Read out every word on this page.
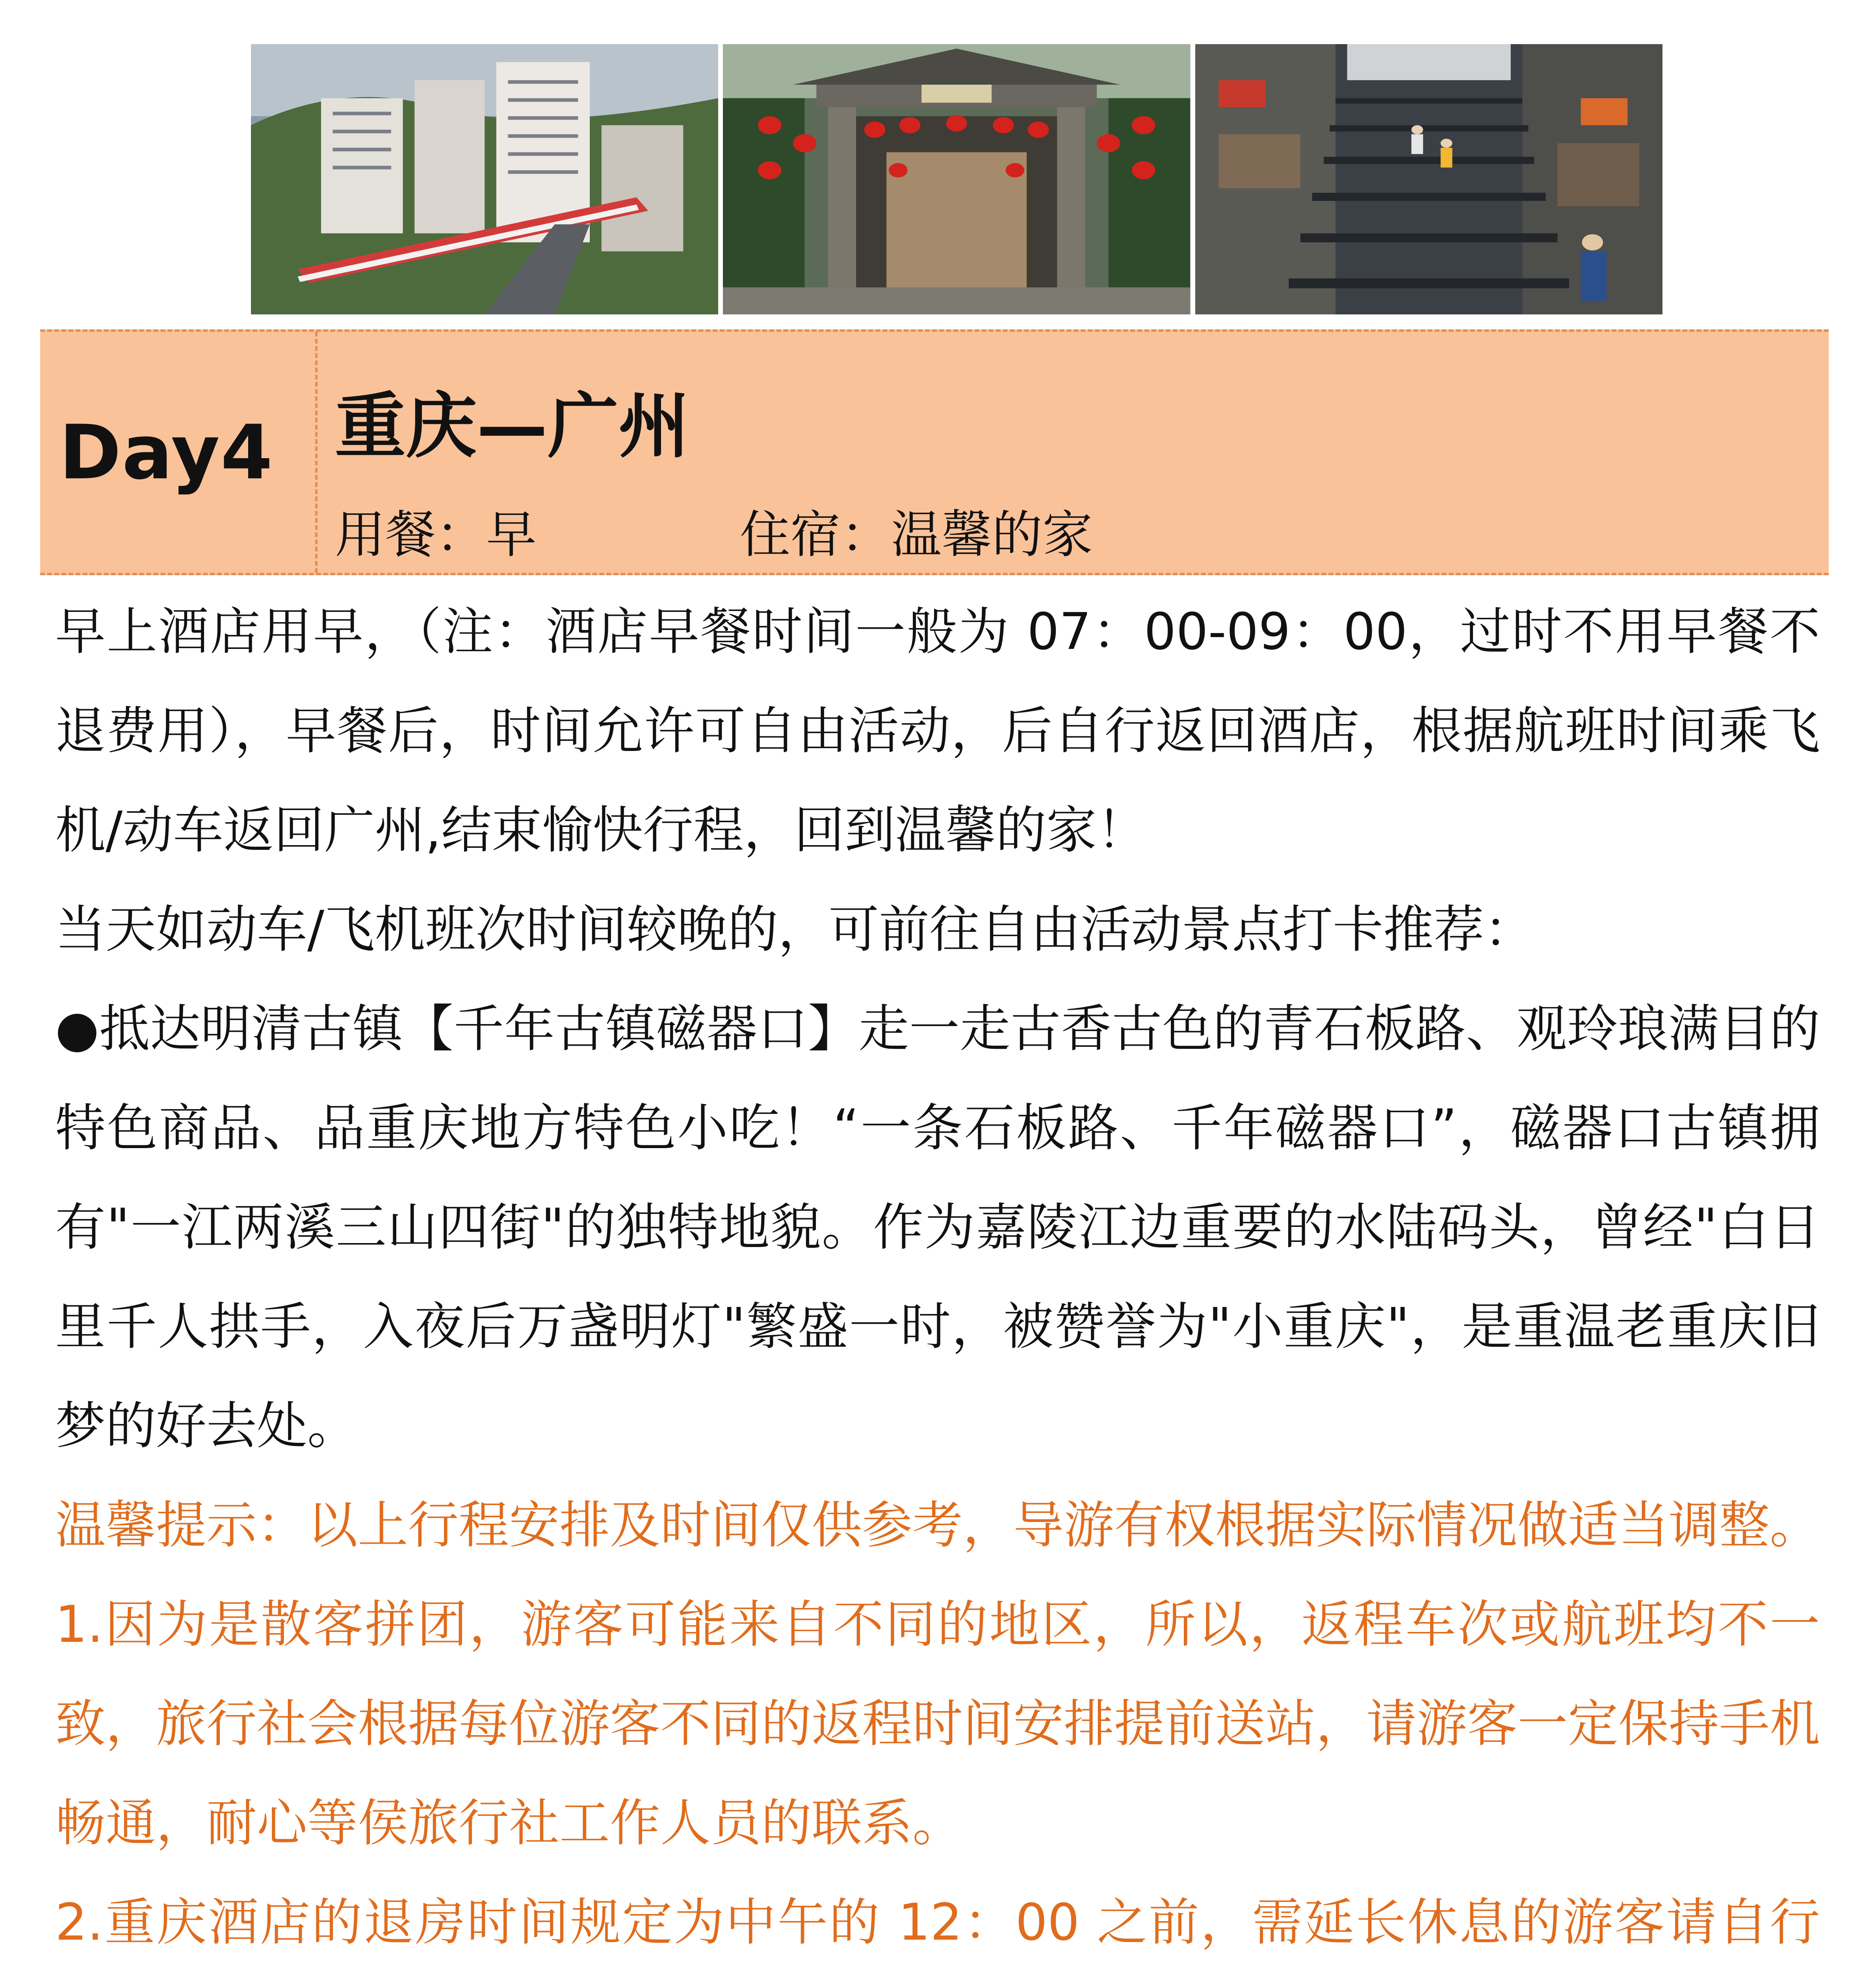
Day4 重庆—广州
用餐：早	住宿：温馨的家

早上酒店用早，（注：酒店早餐时间一般为 07：00-09：00，过时不用早餐不退费用），早餐后，时间允许可自由活动，后自行返回酒店，根据航班时间乘飞机/动车返回广州,结束愉快行程，回到温馨的家！

当天如动车/飞机班次时间较晚的，可前往自由活动景点打卡推荐：

●抵达明清古镇【千年古镇磁器口】走一走古香古色的青石板路、观玲琅满目的特色商品、品重庆地方特色小吃！“一条石板路、千年磁器口”，磁器口古镇拥有"一江两溪三山四街"的独特地貌。作为嘉陵江边重要的水陆码头，曾经"白日里千人拱手，入夜后万盏明灯"繁盛一时，被赞誉为"小重庆"，是重温老重庆旧梦的好去处。

温馨提示：以上行程安排及时间仅供参考，导游有权根据实际情况做适当调整。

1.因为是散客拼团，游客可能来自不同的地区，所以，返程车次或航班均不一致，旅行社会根据每位游客不同的返程时间安排提前送站，请游客一定保持手机畅通，耐心等侯旅行社工作人员的联系。

2.重庆酒店的退房时间规定为中午的 12：00 之前，需延长休息的游客请自行
